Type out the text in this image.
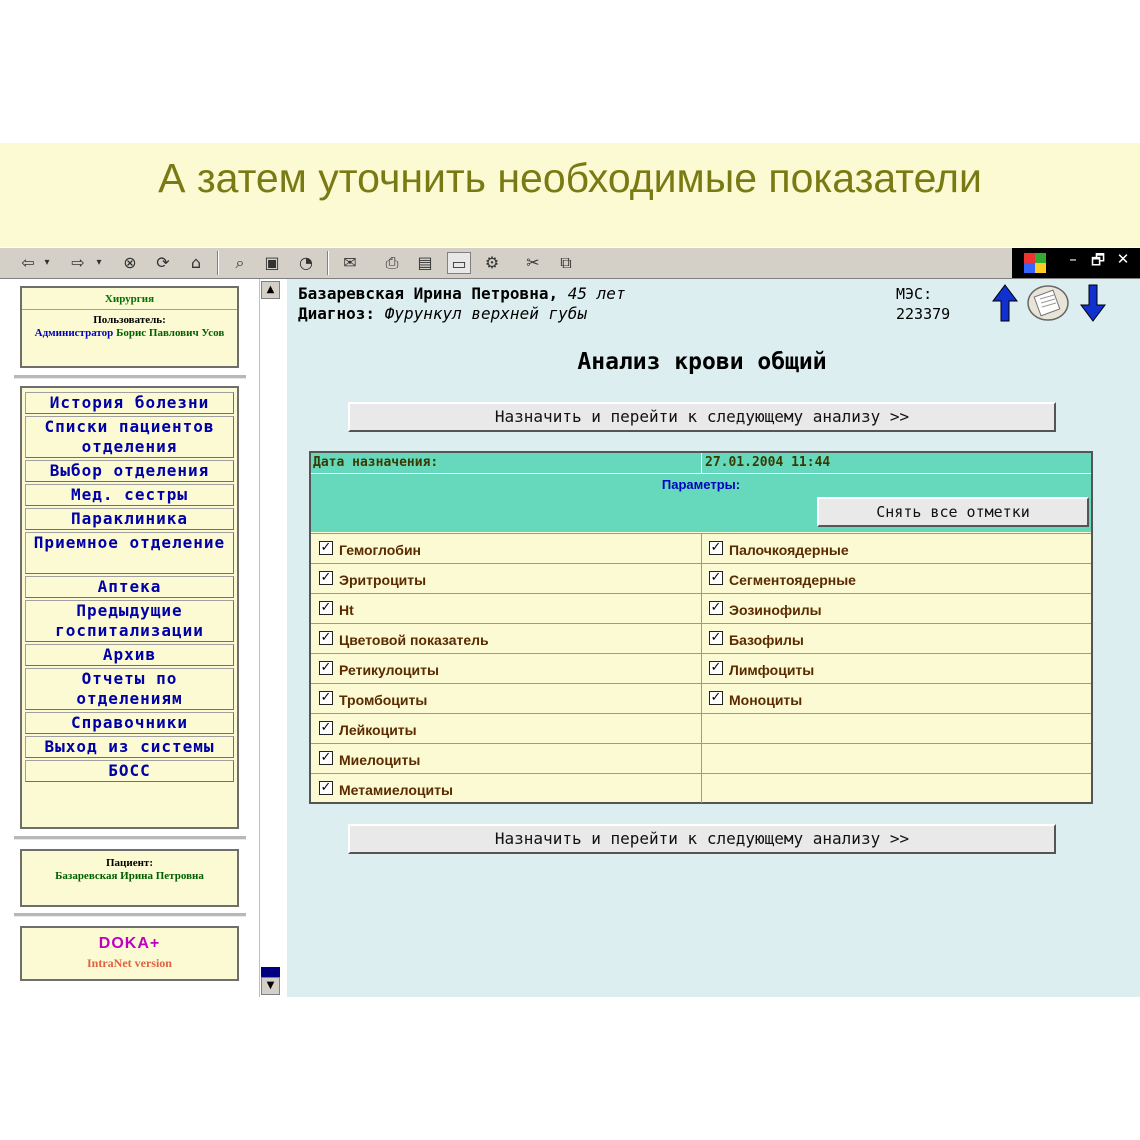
А затем уточнить необходимые показатели
⇦ ▾	⇨	▾	⊗	⟳	⌂	⌕	▣	◔	✉	⎙	▤ ▭	⚙	✂	⧉	– 🗗 ✕
Хирургия
Пользователь:
Администратор Борис Павлович Усов
История болезни
Списки пациентов отделения
Выбор отделения
Мед. сестры
Параклиника
Приемное отделение
Аптека
Предыдущие госпитализации
Архив
Отчеты по отделениям
Справочники
Выход из системы
БОСС
Пациент:
Базаревская Ирина Петровна
DOKA+
IntraNet version
▲
▼
Базаревская Ирина Петровна, 45 лет
Диагноз: Фурункул верхней губы
МЭС:
223379
Анализ крови общий
Назначить и перейти к следующему анализу >>
Дата назначения:	27.01.2004 11:44
Параметры:
Снять все отметки
✓ Гемоглобин	✓ Палочкоядерные
✓ Эритроциты	✓ Сегментоядерные
✓ Ht	✓ Эозинофилы
✓ Цветовой показатель	✓ Базофилы
✓ Ретикулоциты	✓ Лимфоциты
✓ Тромбоциты	✓ Моноциты
✓ Лейкоциты
✓ Миелоциты
✓ Метамиелоциты
Назначить и перейти к следующему анализу >>
